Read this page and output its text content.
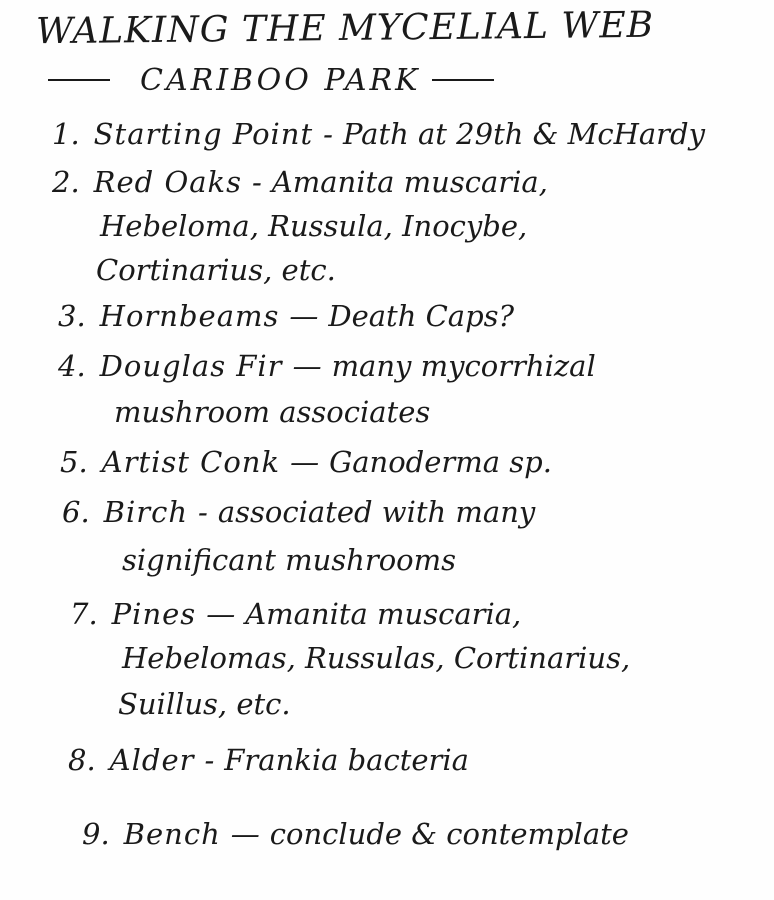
WALKING THE MYCELIAL WEB
CARIBOO PARK
1. Starting Point - Path at 29th & McHardy
2. Red Oaks - Amanita muscaria,
Hebeloma, Russula, Inocybe,
Cortinarius, etc.
3. Hornbeams — Death Caps?
4. Douglas Fir — many mycorrhizal
mushroom associates
5. Artist Conk — Ganoderma sp.
6. Birch - associated with many
significant mushrooms
7. Pines — Amanita muscaria,
Hebelomas, Russulas, Cortinarius,
Suillus, etc.
8. Alder - Frankia bacteria
9. Bench — conclude & contemplate
